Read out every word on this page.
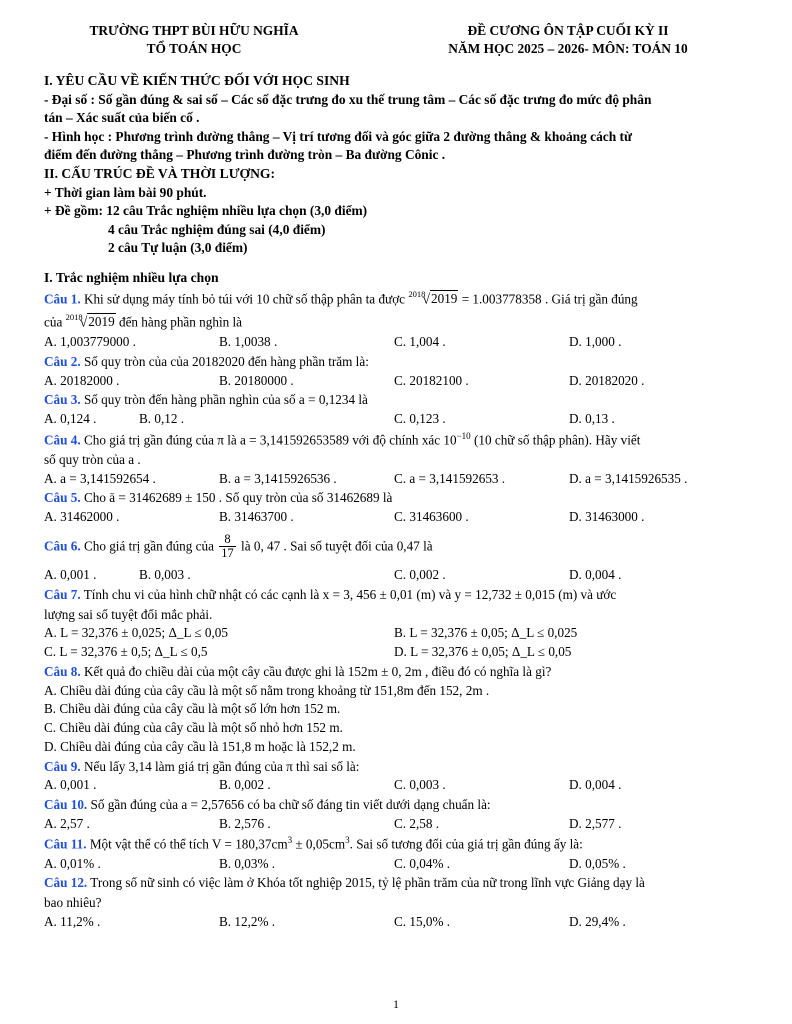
TRƯỜNG THPT BÙI HỮU NGHĨA
TỔ TOÁN HỌC
ĐỀ CƯƠNG ÔN TẬP CUỐI KỲ II
NĂM HỌC 2025 – 2026- MÔN: TOÁN 10
I. YÊU CẦU VỀ KIẾN THỨC ĐỐI VỚI HỌC SINH
- Đại số : Số gần đúng & sai số – Các số đặc trưng đo xu thế trung tâm – Các số đặc trưng đo mức độ phân
tán – Xác suất của biến cố .
- Hình học : Phương trình đường thẳng – Vị trí tương đối và góc giữa 2 đường thẳng & khoảng cách từ
điểm đến đường thẳng – Phương trình đường tròn – Ba đường Cônic .
II. CẤU TRÚC ĐỀ VÀ THỜI LƯỢNG:
+ Thời gian làm bài 90 phút.
+ Đề gồm: 12 câu Trắc nghiệm nhiều lựa chọn (3,0 điểm)
4 câu Trắc nghiệm đúng sai (4,0 điểm)
2 câu Tự luận (3,0 điểm)
I. Trắc nghiệm nhiều lựa chọn
Câu 1. Khi sử dụng máy tính bỏ túi với 10 chữ số thập phân ta được $^{2018}$√2019 = 1.003778358 . Giá trị gần đúng
của $^{2018}$√2019 đến hàng phần nghìn là
A. 1,003779000 .	B. 1,0038 .	C. 1,004 .	D. 1,000 .
Câu 2. Số quy tròn của của 20182020 đến hàng phần trăm là:
A. 20182000 .	B. 20180000 .	C. 20182100 .	D. 20182020 .
Câu 3. Số quy tròn đến hàng phần nghìn của số a = 0,1234 là
A. 0,124 .	B. 0,12 .	C. 0,123 .	D. 0,13 .
Câu 4. Cho giá trị gần đúng của π là a = 3,141592653589 với độ chính xác $10^{-10}$ (10 chữ số thập phân). Hãy viết
số quy tròn của a .
A. a = 3,141592654 .	B. a = 3,1415926536 .	C. a = 3,141592653 .	D. a = 3,1415926535 .
Câu 5. Cho ā = 31462689 ± 150 . Số quy tròn của số 31462689 là
A. 31462000 .	B. 31463700 .	C. 31463600 .	D. 31463000 .
Câu 6. Cho giá trị gần đúng của $\frac{8}{17}$ là 0, 47 . Sai số tuyệt đối của 0,47 là
A. 0,001 .	B. 0,003 .	C. 0,002 .	D. 0,004 .
Câu 7. Tính chu vi của hình chữ nhật có các cạnh là x = 3, 456 ± 0,01 (m) và y = 12,732 ± 0,015 (m) và ước
lượng sai số tuyệt đối mắc phải.
A. L = 32,376 ± 0,025; Δ_L ≤ 0,05	B. L = 32,376 ± 0,05; Δ_L ≤ 0,025
C. L = 32,376 ± 0,5; Δ_L ≤ 0,5	D. L = 32,376 ± 0,05; Δ_L ≤ 0,05
Câu 8. Kết quả đo chiều dài của một cây cầu được ghi là 152m ± 0, 2m , điều đó có nghĩa là gì?
A. Chiều dài đúng của cây cầu là một số nằm trong khoảng từ 151,8m đến 152, 2m .
B. Chiều dài đúng của cây cầu là một số lớn hơn 152 m.
C. Chiều dài đúng của cây cầu là một số nhỏ hơn 152 m.
D. Chiều dài đúng của cây cầu là 151,8 m hoặc là 152,2 m.
Câu 9. Nếu lấy 3,14 làm giá trị gần đúng của π thì sai số là:
A. 0,001 .	B. 0,002 .	C. 0,003 .	D. 0,004 .
Câu 10. Số gần đúng của a = 2,57656 có ba chữ số đáng tin viết dưới dạng chuẩn là:
A. 2,57 .	B. 2,576 .	C. 2,58 .	D. 2,577 .
Câu 11. Một vật thể có thể tích $V = 180,37cm^3 \pm 0,05cm^3$. Sai số tương đối của giá trị gần đúng ấy là:
A. 0,01% .	B. 0,03% .	C. 0,04% .	D. 0,05% .
Câu 12. Trong số nữ sinh có việc làm ở Khóa tốt nghiệp 2015, tỷ lệ phần trăm của nữ trong lĩnh vực Giảng dạy là
bao nhiêu?
A. 11,2% .	B. 12,2% .	C. 15,0% .	D. 29,4% .
1
